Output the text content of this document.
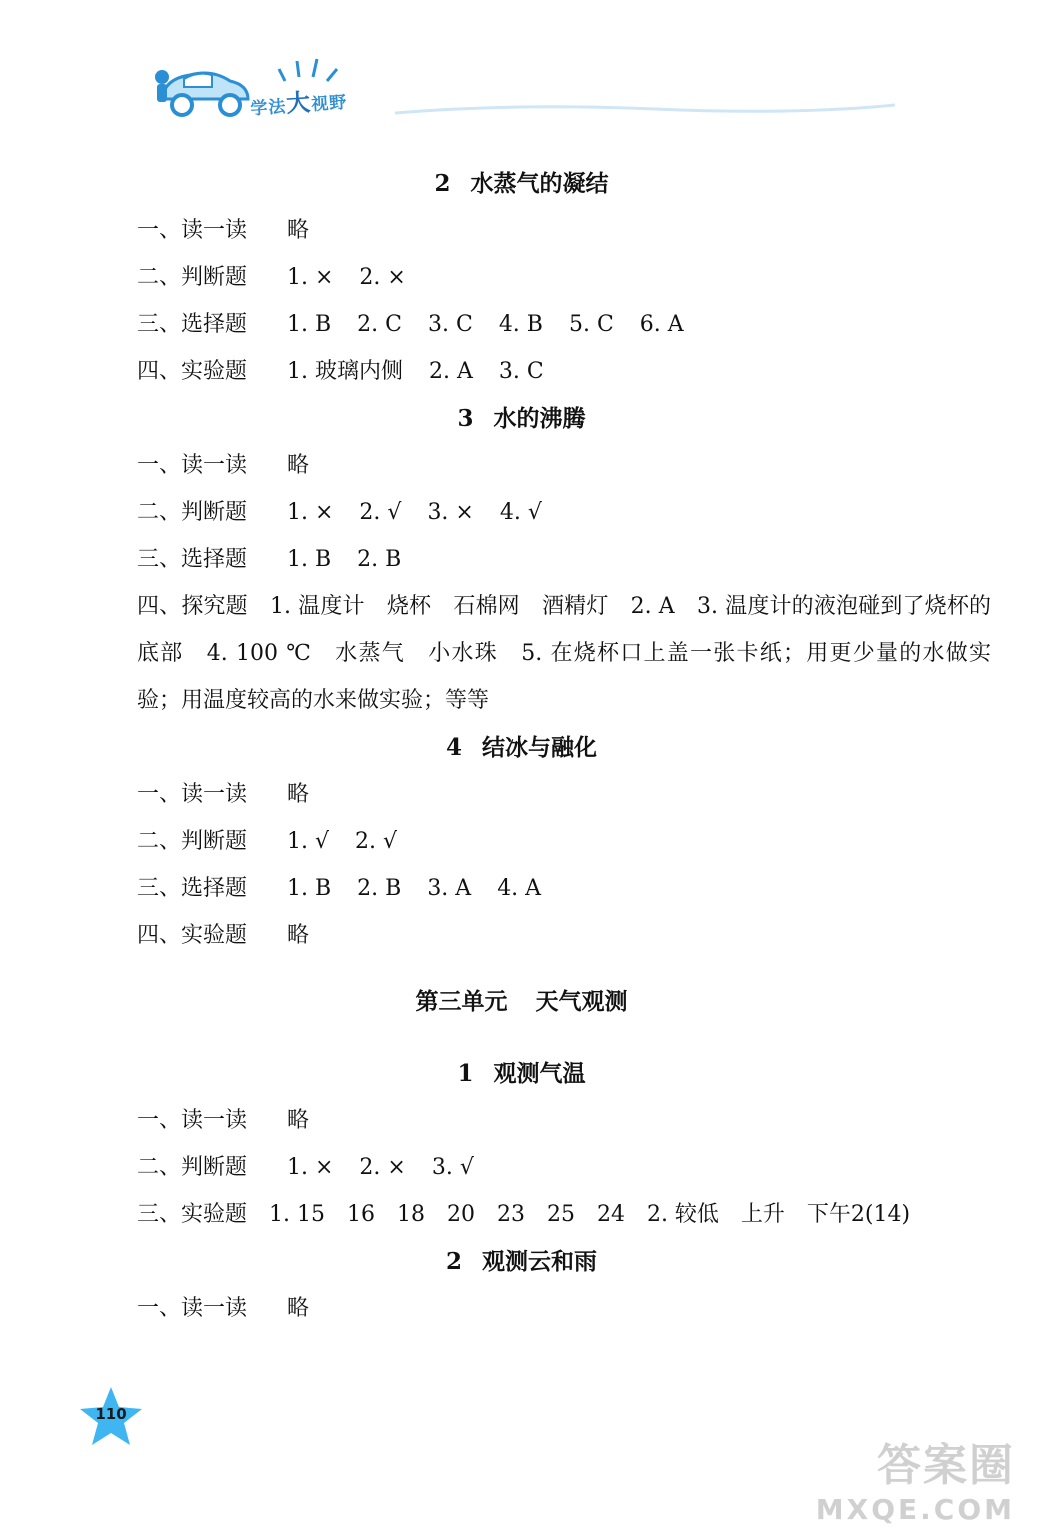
学法大视野
2 水蒸气的凝结
一、读一读 略
二、判断题 1. × 2. ×
三、选择题 1. B 2. C 3. C 4. B 5. C 6. A
四、实验题 1. 玻璃内侧 2. A 3. C
3 水的沸腾
一、读一读 略
二、判断题 1. × 2. √ 3. × 4. √
三、选择题 1. B 2. B
四、探究题　1. 温度计　烧杯　石棉网　酒精灯　2. A　3. 温度计的液泡碰到了烧杯的底部　4. 100 ℃　水蒸气　小水珠　5. 在烧杯口上盖一张卡纸；用更少量的水做实验；用温度较高的水来做实验；等等
4 结冰与融化
一、读一读 略
二、判断题 1. √ 2. √
三、选择题 1. B 2. B 3. A 4. A
四、实验题 略
第三单元 天气观测
1 观测气温
一、读一读 略
二、判断题 1. × 2. × 3. √
三、实验题　1. 15　16　18　20　23　25　24　2. 较低　上升　下午2(14)
2 观测云和雨
一、读一读 略
110
答案圈
MXQE.COM
